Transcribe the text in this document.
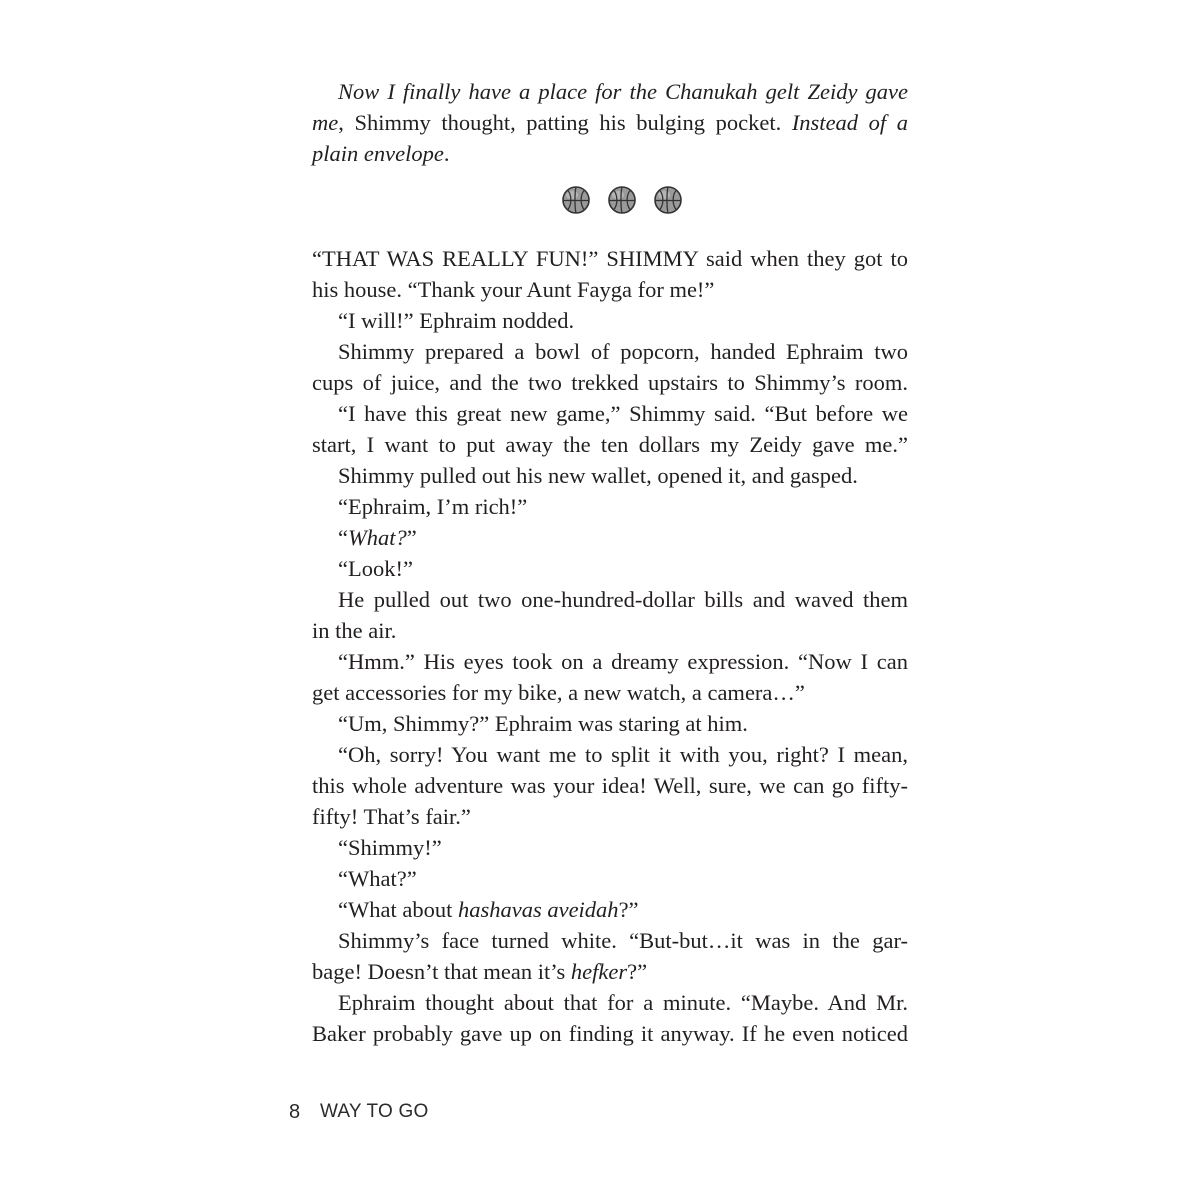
Now I finally have a place for the Chanukah gelt Zeidy gave
me, Shimmy thought, patting his bulging pocket. Instead of a
plain envelope.
“THAT WAS REALLY FUN!” SHIMMY said when they got to
his house. “Thank your Aunt Fayga for me!”
“I will!” Ephraim nodded.
Shimmy prepared a bowl of popcorn, handed Ephraim two
cups of juice, and the two trekked upstairs to Shimmy’s room.
“I have this great new game,” Shimmy said. “But before we
start, I want to put away the ten dollars my Zeidy gave me.”
Shimmy pulled out his new wallet, opened it, and gasped.
“Ephraim, I’m rich!”
“What?”
“Look!”
He pulled out two one-hundred-dollar bills and waved them
in the air.
“Hmm.” His eyes took on a dreamy expression. “Now I can
get accessories for my bike, a new watch, a camera…”
“Um, Shimmy?” Ephraim was staring at him.
“Oh, sorry! You want me to split it with you, right? I mean,
this whole adventure was your idea! Well, sure, we can go fifty-
fifty! That’s fair.”
“Shimmy!”
“What?”
“What about hashavas aveidah?”
Shimmy’s face turned white. “But-but…it was in the gar-
bage! Doesn’t that mean it’s hefker?”
Ephraim thought about that for a minute. “Maybe. And Mr.
Baker probably gave up on finding it anyway. If he even noticed
8 WAY TO GO
